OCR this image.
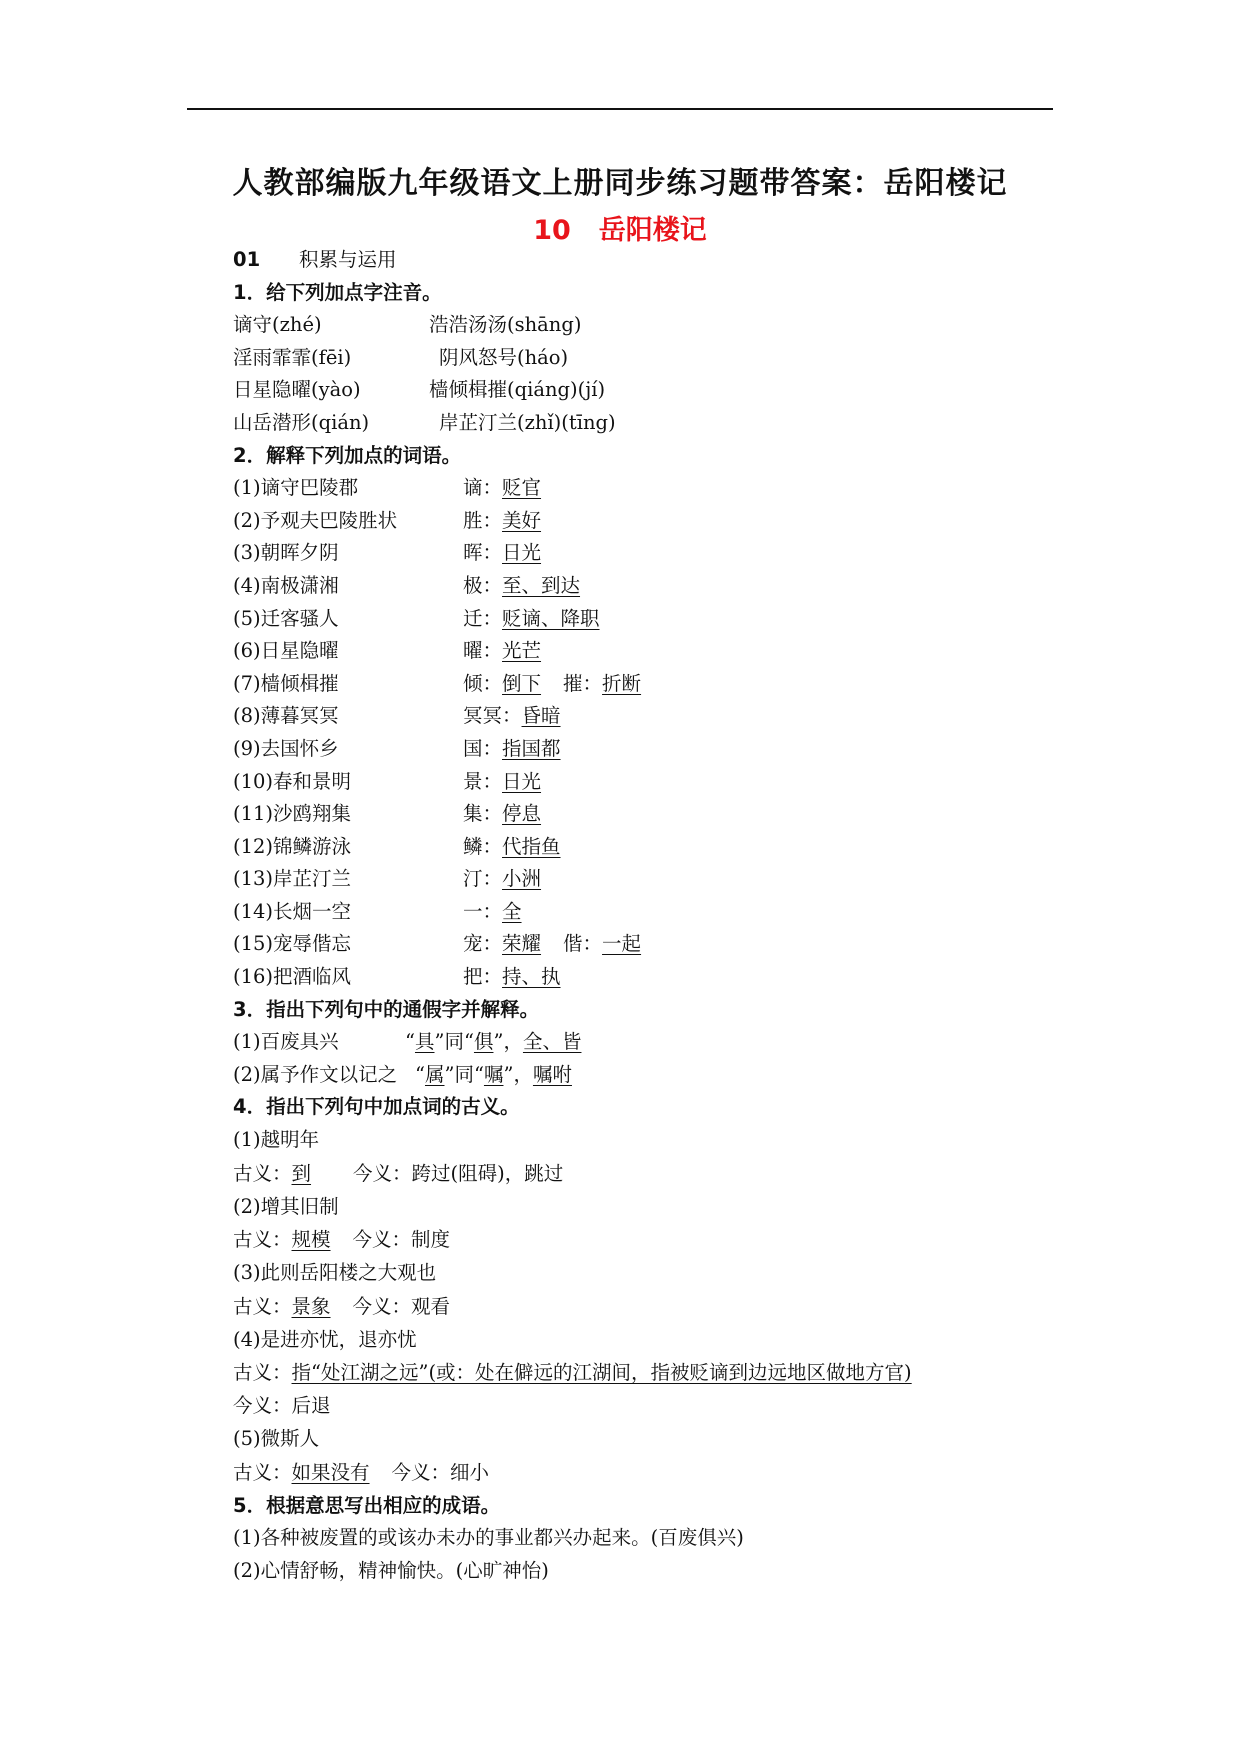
人教部编版九年级语文上册同步练习题带答案：岳阳楼记
10 岳阳楼记
01 积累与运用
1．给下列加点字注音。
谪守(zhé)	浩浩汤汤(shāng)
淫雨霏霏(fēi)	阴风怒号(háo)
日星隐曜(yào)	樯倾楫摧(qiáng)(jí)
山岳潜形(qián)	岸芷汀兰(zhǐ)(tīng)
2．解释下列加点的词语。
(1)谪守巴陵郡	谪：贬官
(2)予观夫巴陵胜状	胜：美好
(3)朝晖夕阴	晖：日光
(4)南极潇湘	极：至、到达
(5)迁客骚人	迁：贬谪、降职
(6)日星隐曜	曜：光芒
(7)樯倾楫摧	倾：倒下 摧：折断
(8)薄暮冥冥	冥冥：昏暗
(9)去国怀乡	国：指国都
(10)春和景明	景：日光
(11)沙鸥翔集	集：停息
(12)锦鳞游泳	鳞：代指鱼
(13)岸芷汀兰	汀：小洲
(14)长烟一空	一：全
(15)宠辱偕忘	宠：荣耀 偕：一起
(16)把酒临风	把：持、执
3．指出下列句中的通假字并解释。
(1)百废具兴	“具”同“俱”，全、皆
(2)属予作文以记之 “属”同“嘱”，嘱咐
4．指出下列句中加点词的古义。
(1)越明年
古义：到 今义：跨过(阻碍)，跳过
(2)增其旧制
古义：规模 今义：制度
(3)此则岳阳楼之大观也
古义：景象 今义：观看
(4)是进亦忧，退亦忧
古义：指“处江湖之远”(或：处在僻远的江湖间，指被贬谪到边远地区做地方官)
今义：后退
(5)微斯人
古义：如果没有 今义：细小
5．根据意思写出相应的成语。
(1)各种被废置的或该办未办的事业都兴办起来。(百废俱兴)
(2)心情舒畅，精神愉快。(心旷神怡)
